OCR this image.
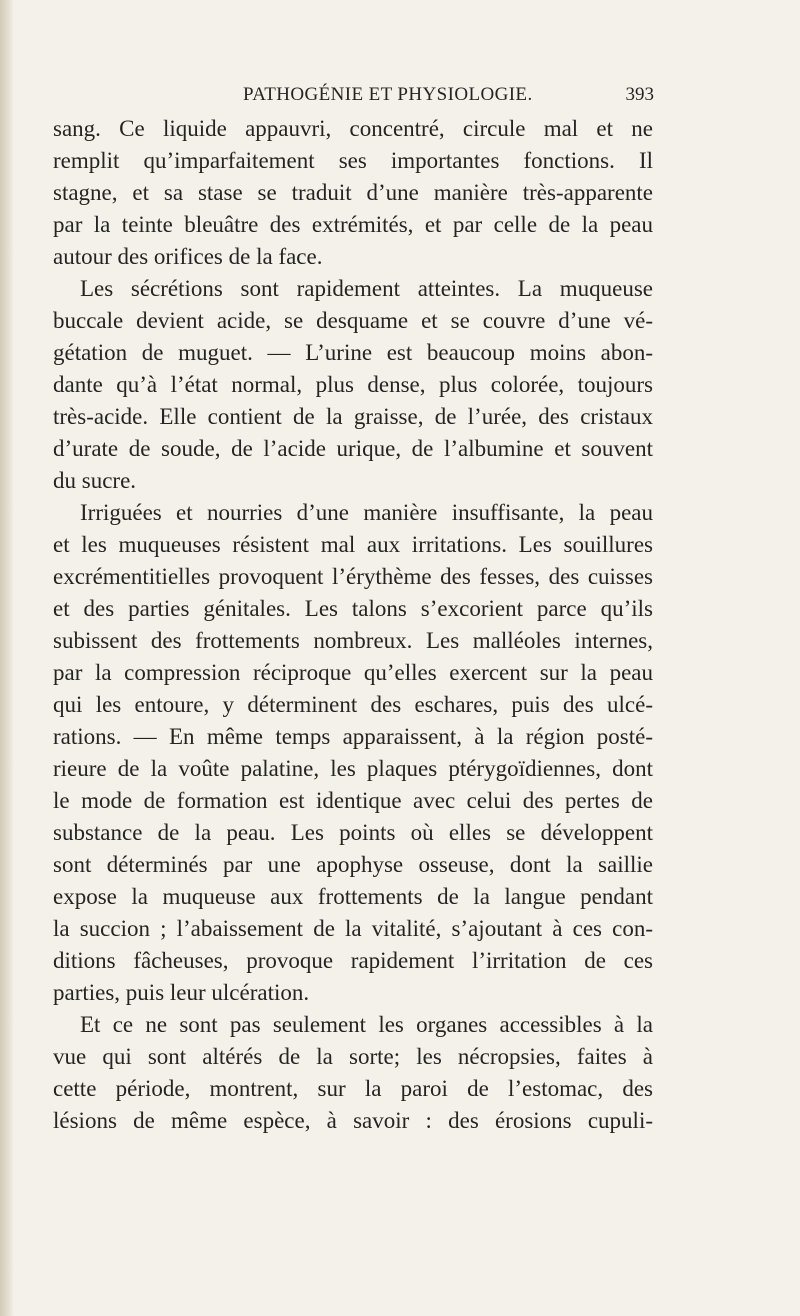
PATHOGÉNIE ET PHYSIOLOGIE.	393
sang. Ce liquide appauvri, concentré, circule mal et ne
remplit qu’imparfaitement ses importantes fonctions. Il
stagne, et sa stase se traduit d’une manière très-apparente
par la teinte bleuâtre des extrémités, et par celle de la peau
autour des orifices de la face.
Les sécrétions sont rapidement atteintes. La muqueuse
buccale devient acide, se desquame et se couvre d’une vé-
gétation de muguet. — L’urine est beaucoup moins abon-
dante qu’à l’état normal, plus dense, plus colorée, toujours
très-acide. Elle contient de la graisse, de l’urée, des cristaux
d’urate de soude, de l’acide urique, de l’albumine et souvent
du sucre.
Irriguées et nourries d’une manière insuffisante, la peau
et les muqueuses résistent mal aux irritations. Les souillures
excrémentitielles provoquent l’érythème des fesses, des cuisses
et des parties génitales. Les talons s’excorient parce qu’ils
subissent des frottements nombreux. Les malléoles internes,
par la compression réciproque qu’elles exercent sur la peau
qui les entoure, y déterminent des eschares, puis des ulcé-
rations. — En même temps apparaissent, à la région posté-
rieure de la voûte palatine, les plaques ptérygoïdiennes, dont
le mode de formation est identique avec celui des pertes de
substance de la peau. Les points où elles se développent
sont déterminés par une apophyse osseuse, dont la saillie
expose la muqueuse aux frottements de la langue pendant
la succion ; l’abaissement de la vitalité, s’ajoutant à ces con-
ditions fâcheuses, provoque rapidement l’irritation de ces
parties, puis leur ulcération.
Et ce ne sont pas seulement les organes accessibles à la
vue qui sont altérés de la sorte; les nécropsies, faites à
cette période, montrent, sur la paroi de l’estomac, des
lésions de même espèce, à savoir : des érosions cupuli-
